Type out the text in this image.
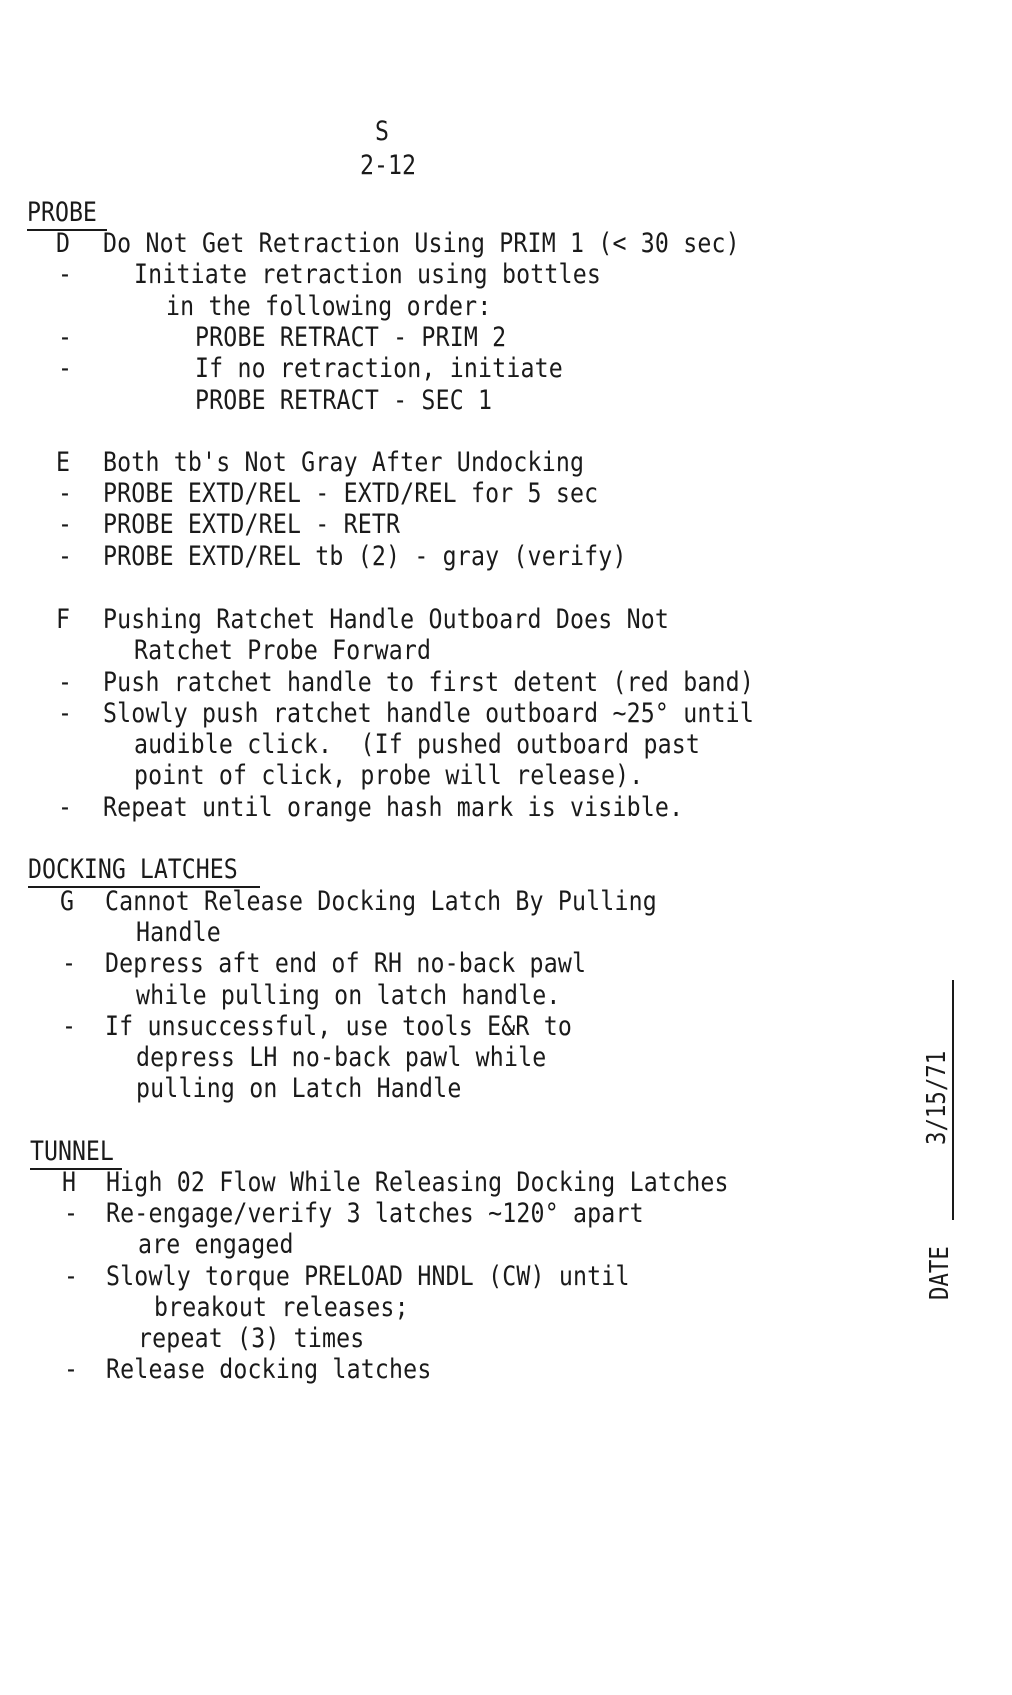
S
2-12
PROBE
D Do Not Get Retraction Using PRIM 1 (< 30 sec)
- Initiate retraction using bottles
in the following order:
-	PROBE RETRACT - PRIM 2
-	If no retraction, initiate
PROBE RETRACT - SEC 1
E Both tb's Not Gray After Undocking
- PROBE EXTD/REL - EXTD/REL for 5 sec
- PROBE EXTD/REL - RETR
- PROBE EXTD/REL tb (2) - gray (verify)
F Pushing Ratchet Handle Outboard Does Not
Ratchet Probe Forward
- Push ratchet handle to first detent (red band)
- Slowly push ratchet handle outboard ~25° until
audible click.  (If pushed outboard past
point of click, probe will release).
- Repeat until orange hash mark is visible.
DOCKING LATCHES
G Cannot Release Docking Latch By Pulling
Handle
- Depress aft end of RH no-back pawl
while pulling on latch handle.
- If unsuccessful, use tools E&R to
depress LH no-back pawl while
pulling on Latch Handle
TUNNEL
H High 02 Flow While Releasing Docking Latches
- Re-engage/verify 3 latches ~120° apart
are engaged
- Slowly torque PRELOAD HNDL (CW) until
breakout releases;
repeat (3) times
- Release docking latches
DATE
3/15/71
